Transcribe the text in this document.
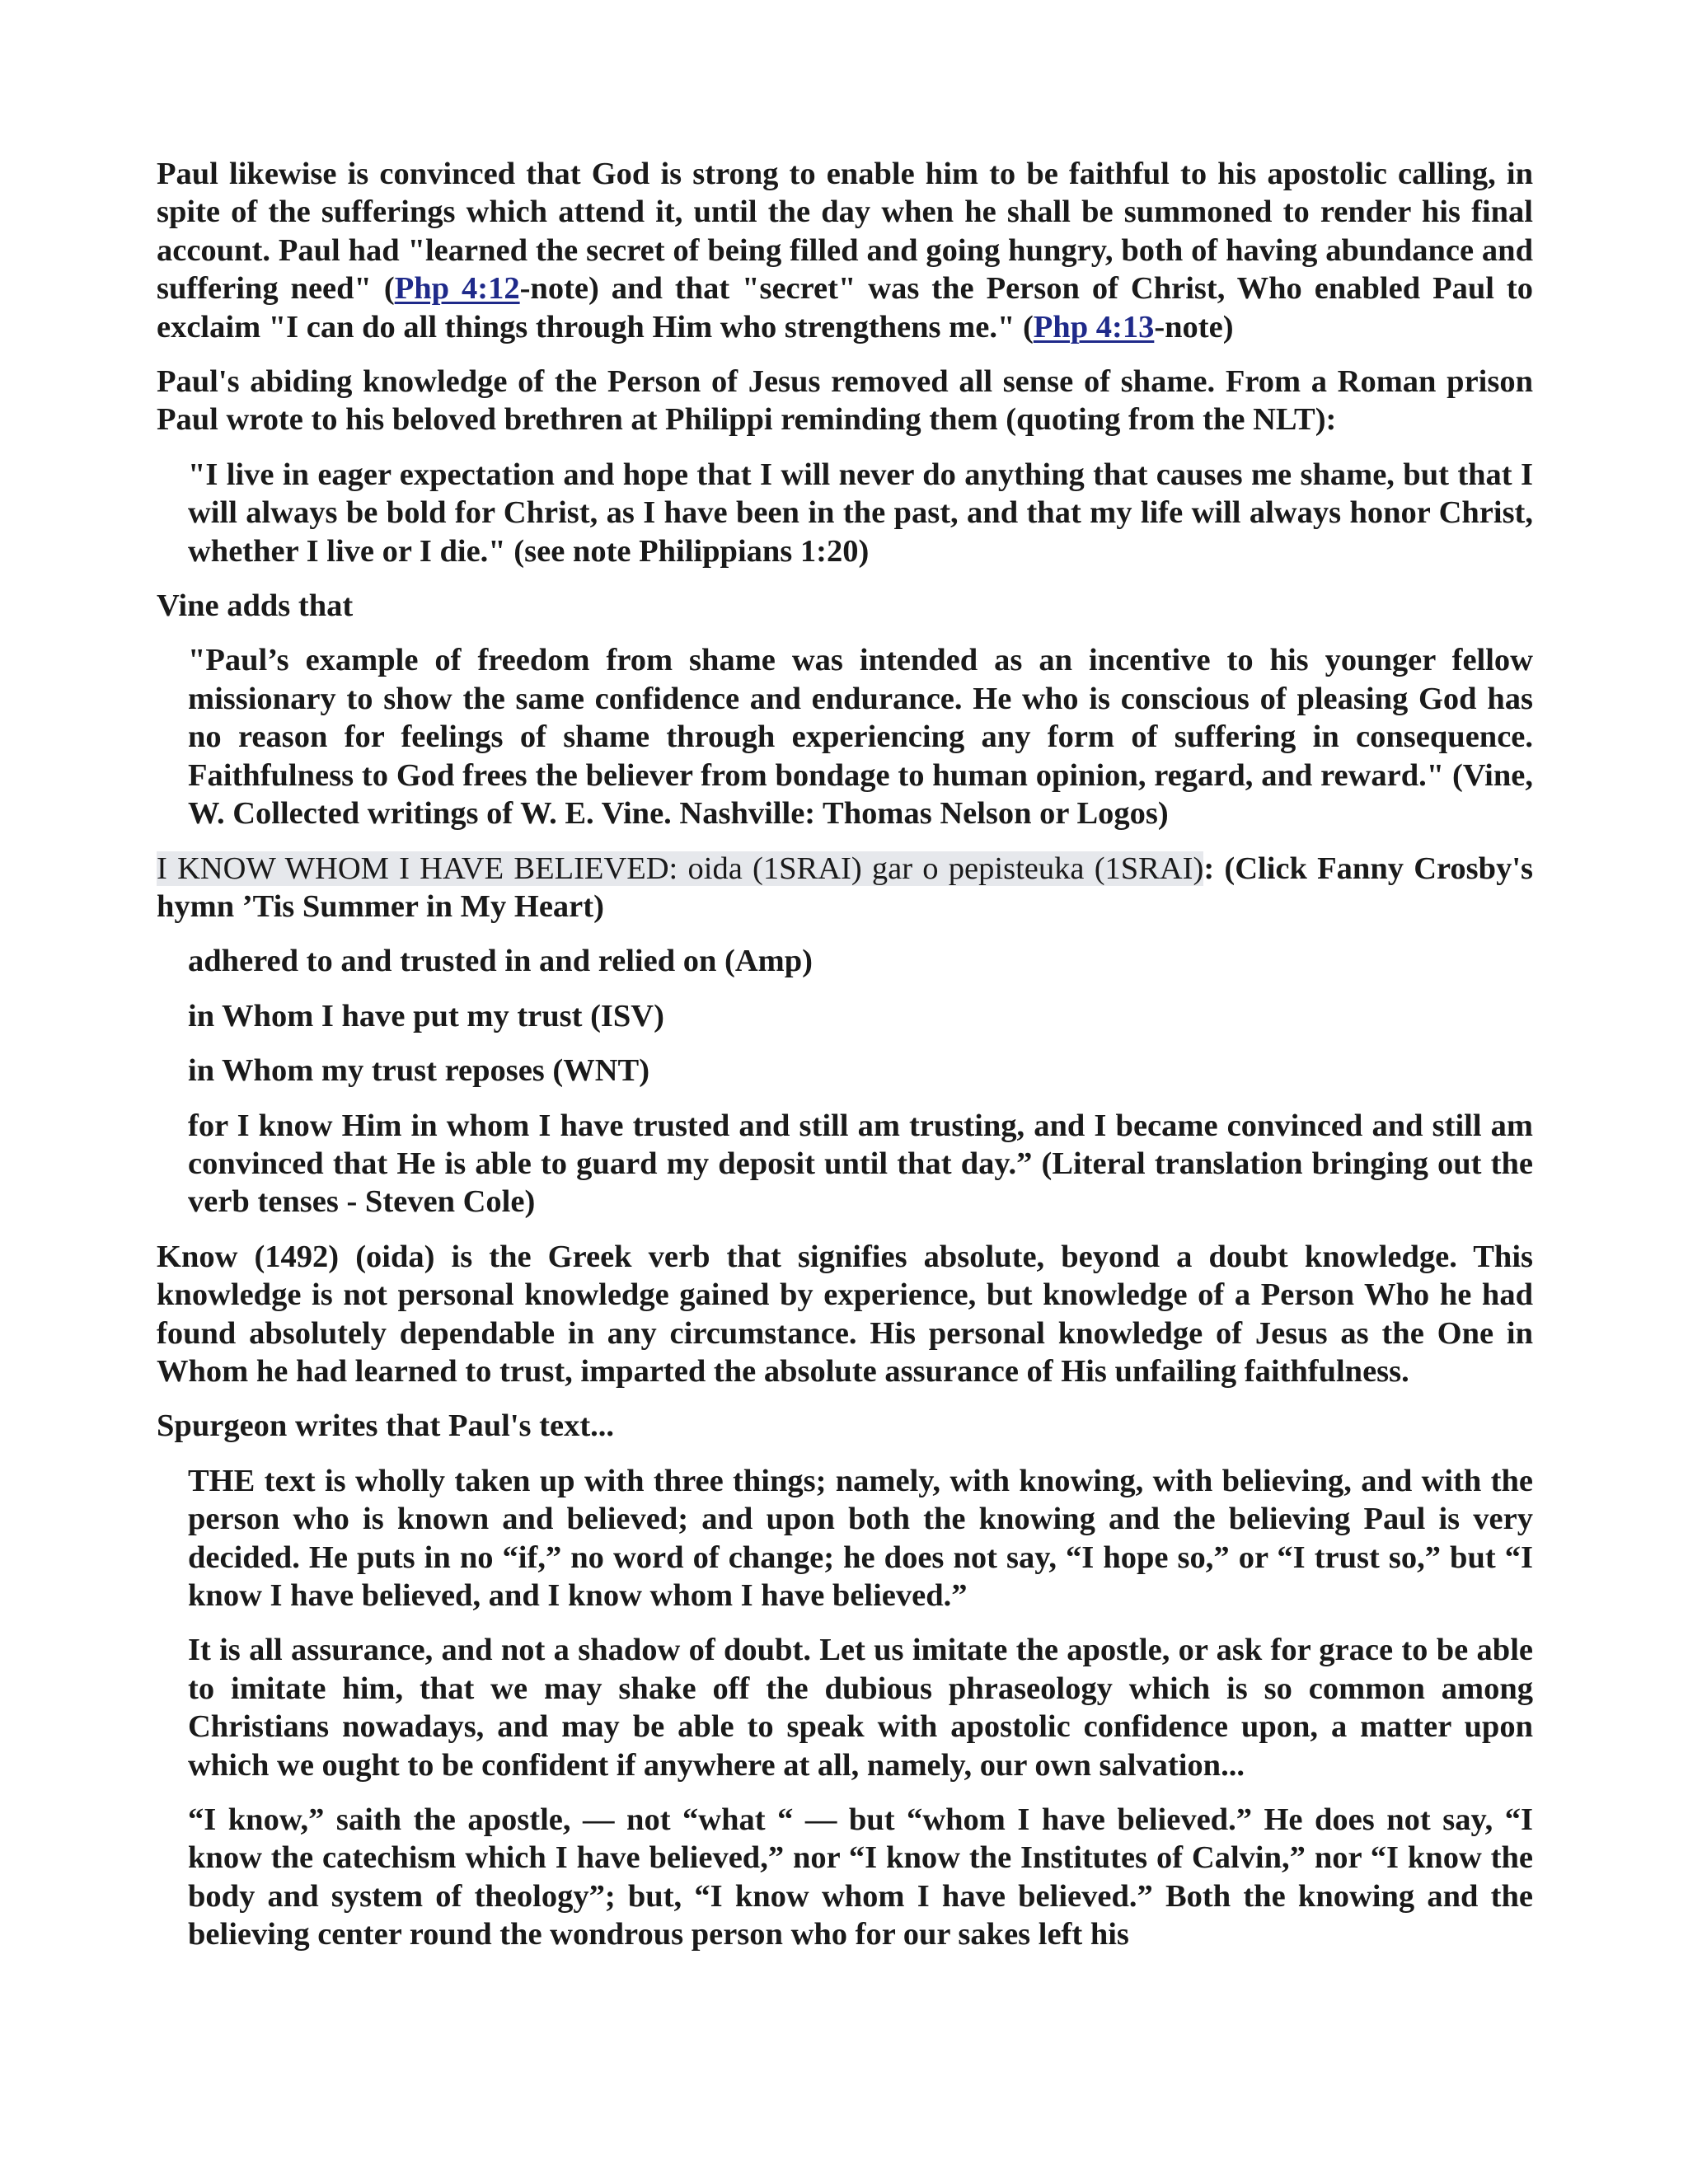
Paul likewise is convinced that God is strong to enable him to be faithful to his apostolic calling, in spite of the sufferings which attend it, until the day when he shall be summoned to render his final account. Paul had "learned the secret of being filled and going hungry, both of having abundance and suffering need" (Php 4:12-note) and that "secret" was the Person of Christ, Who enabled Paul to exclaim "I can do all things through Him who strengthens me." (Php 4:13-note)

Paul's abiding knowledge of the Person of Jesus removed all sense of shame. From a Roman prison Paul wrote to his beloved brethren at Philippi reminding them (quoting from the NLT):

"I live in eager expectation and hope that I will never do anything that causes me shame, but that I will always be bold for Christ, as I have been in the past, and that my life will always honor Christ, whether I live or I die." (see note Philippians 1:20)

Vine adds that

"Paul’s example of freedom from shame was intended as an incentive to his younger fellow missionary to show the same confidence and endurance. He who is conscious of pleasing God has no reason for feelings of shame through experiencing any form of suffering in consequence. Faithfulness to God frees the believer from bondage to human opinion, regard, and reward." (Vine, W. Collected writings of W. E. Vine. Nashville: Thomas Nelson or Logos)

I KNOW WHOM I HAVE BELIEVED: oida (1SRAI) gar o pepisteuka (1SRAI): (Click Fanny Crosby's hymn ’Tis Summer in My Heart)

adhered to and trusted in and relied on (Amp)

in Whom I have put my trust (ISV)

in Whom my trust reposes (WNT)

for I know Him in whom I have trusted and still am trusting, and I became convinced and still am convinced that He is able to guard my deposit until that day.” (Literal translation bringing out the verb tenses - Steven Cole)

Know (1492) (oida) is the Greek verb that signifies absolute, beyond a doubt knowledge. This knowledge is not personal knowledge gained by experience, but knowledge of a Person Who he had found absolutely dependable in any circumstance. His personal knowledge of Jesus as the One in Whom he had learned to trust, imparted the absolute assurance of His unfailing faithfulness.

Spurgeon writes that Paul's text...

THE text is wholly taken up with three things; namely, with knowing, with believing, and with the person who is known and believed; and upon both the knowing and the believing Paul is very decided. He puts in no “if,” no word of change; he does not say, “I hope so,” or “I trust so,” but “I know I have believed, and I know whom I have believed.”

It is all assurance, and not a shadow of doubt. Let us imitate the apostle, or ask for grace to be able to imitate him, that we may shake off the dubious phraseology which is so common among Christians nowadays, and may be able to speak with apostolic confidence upon, a matter upon which we ought to be confident if anywhere at all, namely, our own salvation...

“I know,” saith the apostle, — not “what “ — but “whom I have believed.” He does not say, “I know the catechism which I have believed,” nor “I know the Institutes of Calvin,” nor “I know the body and system of theology”; but, “I know whom I have believed.” Both the knowing and the believing center round the wondrous person who for our sakes left his
